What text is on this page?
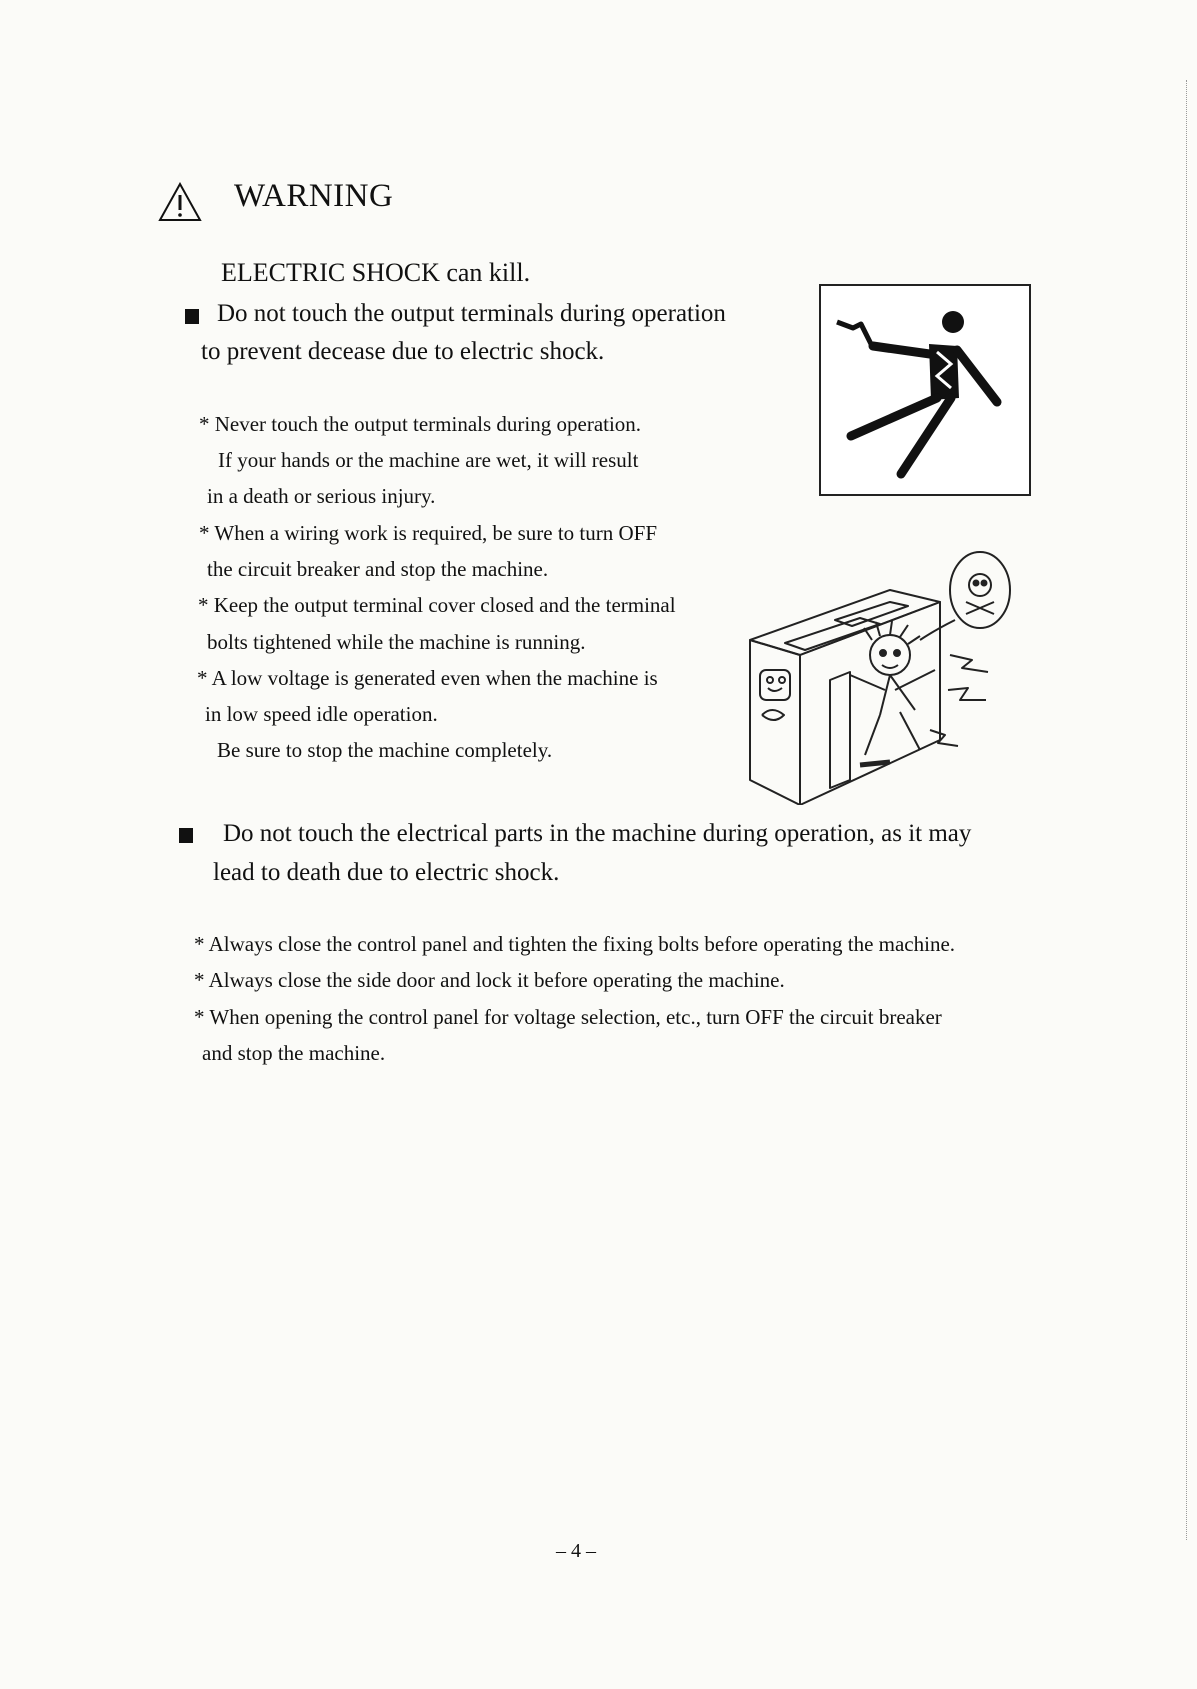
WARNING
ELECTRIC SHOCK can kill.
Do not touch the output terminals during operation
to prevent decease due to electric shock.
* Never touch the output terminals during operation.
If your hands or the machine are wet, it will result
in a death or serious injury.
* When a wiring work is required, be sure to turn OFF
the circuit breaker and stop the machine.
* Keep the output terminal cover closed and the terminal
bolts tightened while the machine is running.
* A low voltage is generated even when the machine is
in low speed idle operation.
Be sure to stop the machine completely.
Do not touch the electrical parts in the machine during operation, as it may
lead to death due to electric shock.
* Always close the control panel and tighten the fixing bolts before operating the machine.
* Always close the side door and lock it before operating the machine.
* When opening the control panel for voltage selection, etc., turn OFF the circuit breaker
and stop the machine.
– 4 –
